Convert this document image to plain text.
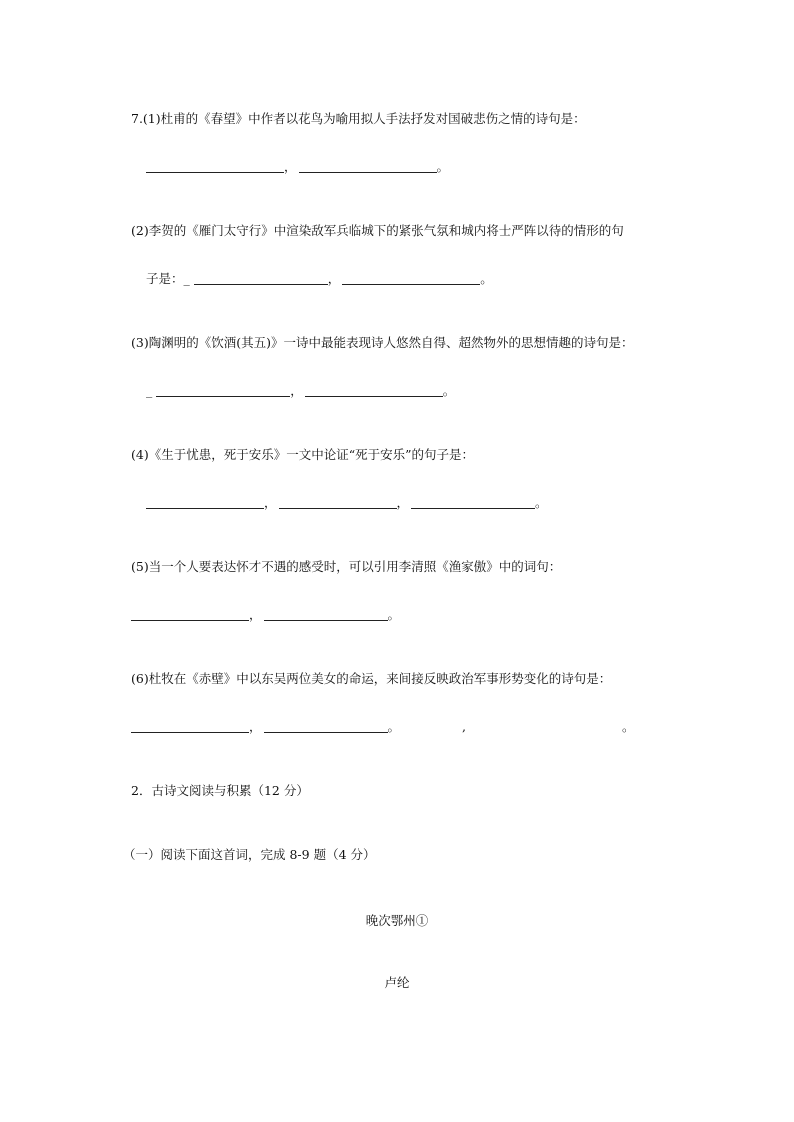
7.(1)杜甫的《春望》中作者以花鸟为喻用拟人手法抒发对国破悲伤之情的诗句是：
，	。
(2)李贺的《雁门太守行》中渲染敌军兵临城下的紧张气氛和城内将士严阵以待的情形的句
子是：_	，	。
(3)陶渊明的《饮酒(其五)》一诗中最能表现诗人悠然自得、超然物外的思想情趣的诗句是：
_	，	。
(4)《生于忧患，死于安乐》一文中论证“死于安乐”的句子是：
，	，	。
(5)当一个人要表达怀才不遇的感受时，可以引用李清照《渔家傲》中的词句：
，	。
(6)杜牧在《赤壁》中以东吴两位美女的命运，来间接反映政治军事形势变化的诗句是：
，	。	,	。
2．古诗文阅读与积累（12 分）
（一）阅读下面这首词，完成 8-9 题（4 分）
晚次鄂州①
卢纶
